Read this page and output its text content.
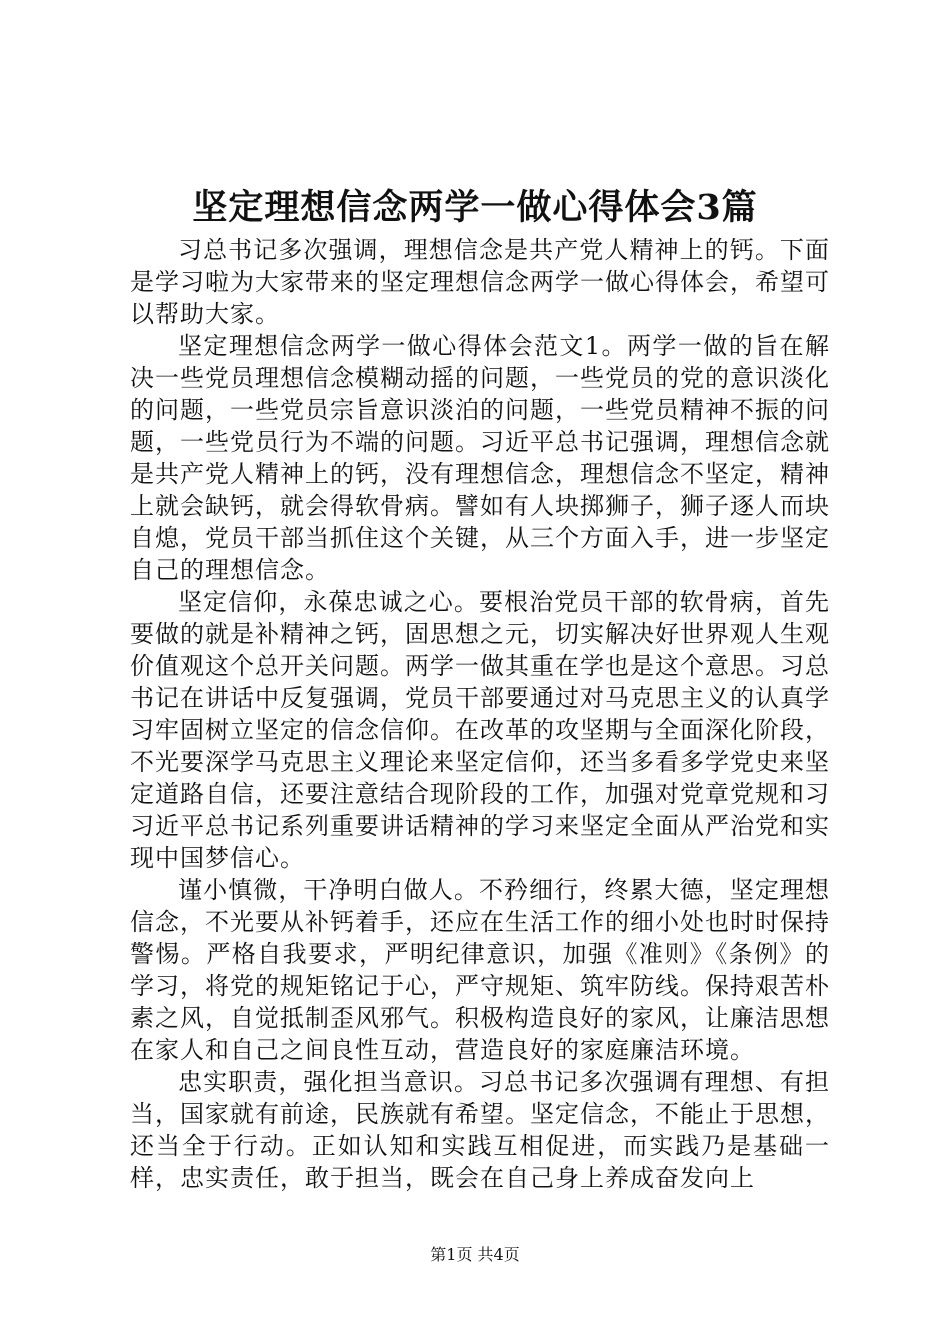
坚定理想信念两学一做心得体会3篇

习总书记多次强调，理想信念是共产党人精神上的钙。下面是学习啦为大家带来的坚定理想信念两学一做心得体会，希望可以帮助大家。

坚定理想信念两学一做心得体会范文1。两学一做的旨在解决一些党员理想信念模糊动摇的问题，一些党员的党的意识淡化的问题，一些党员宗旨意识淡泊的问题，一些党员精神不振的问题，一些党员行为不端的问题。习近平总书记强调，理想信念就是共产党人精神上的钙，没有理想信念，理想信念不坚定，精神上就会缺钙，就会得软骨病。譬如有人块掷狮子，狮子逐人而块自熄，党员干部当抓住这个关键，从三个方面入手，进一步坚定自己的理想信念。

坚定信仰，永葆忠诚之心。要根治党员干部的软骨病，首先要做的就是补精神之钙，固思想之元，切实解决好世界观人生观价值观这个总开关问题。两学一做其重在学也是这个意思。习总书记在讲话中反复强调，党员干部要通过对马克思主义的认真学习牢固树立坚定的信念信仰。在改革的攻坚期与全面深化阶段，不光要深学马克思主义理论来坚定信仰，还当多看多学党史来坚定道路自信，还要注意结合现阶段的工作，加强对党章党规和习习近平总书记系列重要讲话精神的学习来坚定全面从严治党和实现中国梦信心。

谨小慎微，干净明白做人。不矜细行，终累大德，坚定理想信念，不光要从补钙着手，还应在生活工作的细小处也时时保持警惕。严格自我要求，严明纪律意识，加强《准则》《条例》的学习，将党的规矩铭记于心，严守规矩、筑牢防线。保持艰苦朴素之风，自觉抵制歪风邪气。积极构造良好的家风，让廉洁思想在家人和自己之间良性互动，营造良好的家庭廉洁环境。

忠实职责，强化担当意识。习总书记多次强调有理想、有担当，国家就有前途，民族就有希望。坚定信念，不能止于思想，还当全于行动。正如认知和实践互相促进，而实践乃是基础一样，忠实责任，敢于担当，既会在自己身上养成奋发向上

第1页 共4页
